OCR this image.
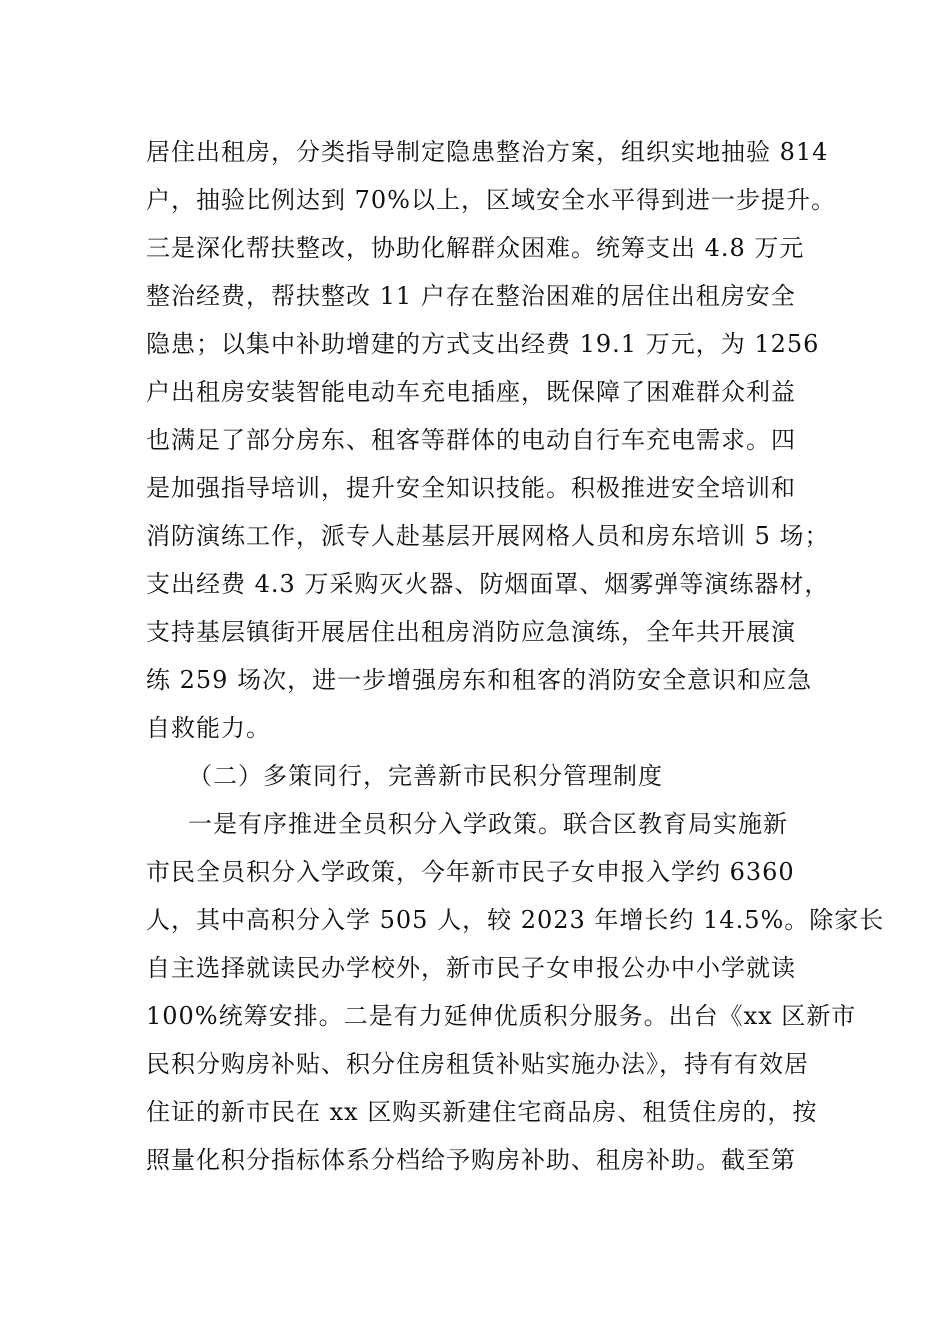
居住出租房，分类指导制定隐患整治方案，组织实地抽验 814
户，抽验比例达到 70%以上，区域安全水平得到进一步提升。
三是深化帮扶整改，协助化解群众困难。统筹支出 4.8 万元
整治经费，帮扶整改 11 户存在整治困难的居住出租房安全
隐患；以集中补助增建的方式支出经费 19.1 万元，为 1256
户出租房安装智能电动车充电插座，既保障了困难群众利益
也满足了部分房东、租客等群体的电动自行车充电需求。四
是加强指导培训，提升安全知识技能。积极推进安全培训和
消防演练工作，派专人赴基层开展网格人员和房东培训 5 场；
支出经费 4.3 万采购灭火器、防烟面罩、烟雾弹等演练器材，
支持基层镇街开展居住出租房消防应急演练，全年共开展演
练 259 场次，进一步增强房东和租客的消防安全意识和应急
自救能力。
（二）多策同行，完善新市民积分管理制度
一是有序推进全员积分入学政策。联合区教育局实施新
市民全员积分入学政策，今年新市民子女申报入学约 6360
人，其中高积分入学 505 人，较 2023 年增长约 14.5%。除家长
自主选择就读民办学校外，新市民子女申报公办中小学就读
100%统筹安排。二是有力延伸优质积分服务。出台《xx 区新市
民积分购房补贴、积分住房租赁补贴实施办法》，持有有效居
住证的新市民在 xx 区购买新建住宅商品房、租赁住房的，按
照量化积分指标体系分档给予购房补助、租房补助。截至第
